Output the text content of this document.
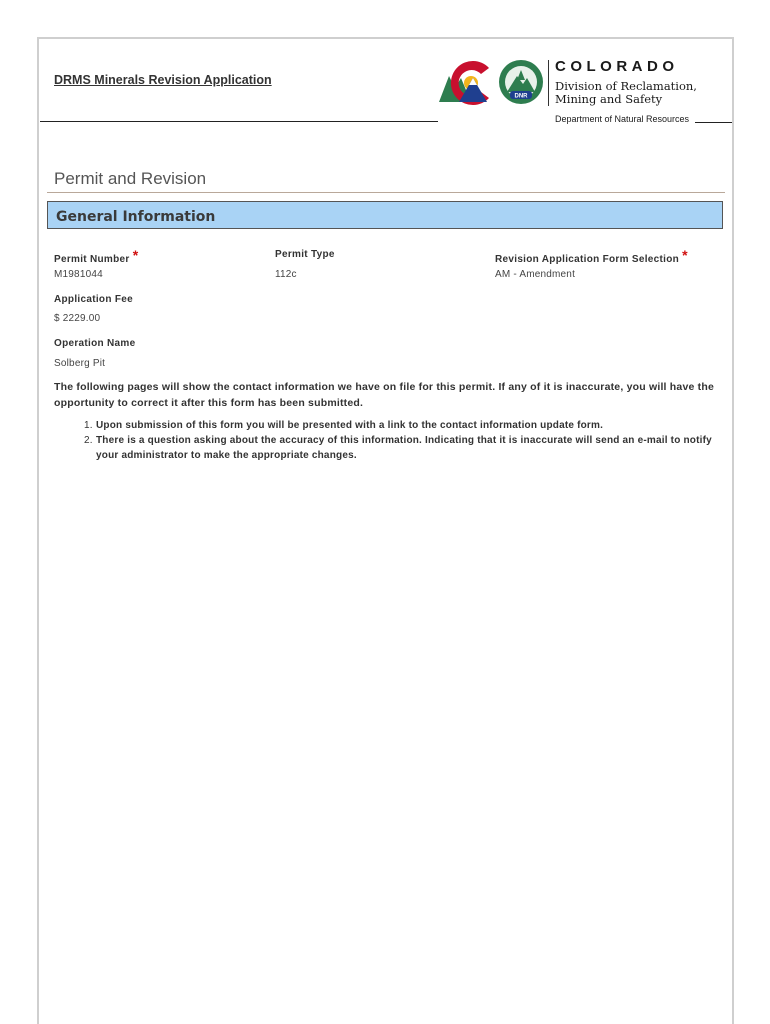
DRMS Minerals Revision Application
DNR
COLORADO
Division of Reclamation, Mining and Safety
Department of Natural Resources
Permit and Revision
General Information
Permit Number *
M1981044
Permit Type
112c
Revision Application Form Selection *
AM - Amendment
Application Fee
$ 2229.00
Operation Name
Solberg Pit
The following pages will show the contact information we have on file for this permit. If any of it is inaccurate, you will have the opportunity to correct it after this form has been submitted.
1. Upon submission of this form you will be presented with a link to the contact information update form.
2. There is a question asking about the accuracy of this information. Indicating that it is inaccurate will send an e-mail to notify your administrator to make the appropriate changes.
